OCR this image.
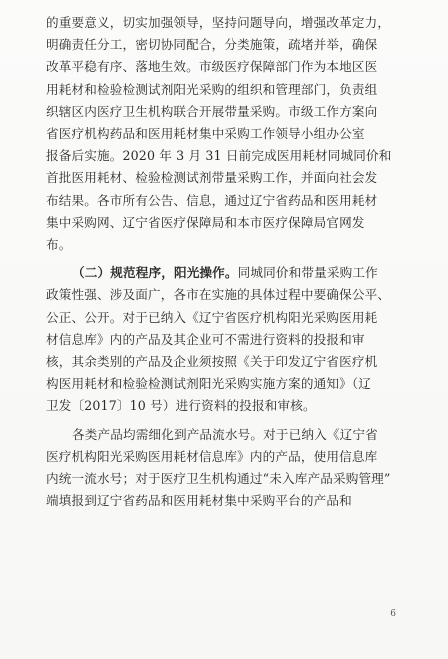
的重要意义，切实加强领导，坚持问题导向，增强改革定力，
明确责任分工，密切协同配合，分类施策，疏堵并举，确保
改革平稳有序、落地生效。市级医疗保障部门作为本地区医
用耗材和检验检测试剂阳光采购的组织和管理部门，负责组
织辖区内医疗卫生机构联合开展带量采购。市级工作方案向
省医疗机构药品和医用耗材集中采购工作领导小组办公室
报备后实施。2020 年 3 月 31 日前完成医用耗材同城同价和
首批医用耗材、检验检测试剂带量采购工作，并面向社会发
布结果。各市所有公告、信息，通过辽宁省药品和医用耗材
集中采购网、辽宁省医疗保障局和本市医疗保障局官网发
布。
（二）规范程序，阳光操作。同城同价和带量采购工作
政策性强、涉及面广，各市在实施的具体过程中要确保公平、
公正、公开。对于已纳入《辽宁省医疗机构阳光采购医用耗
材信息库》内的产品及其企业可不需进行资料的投报和审
核，其余类别的产品及企业须按照《关于印发辽宁省医疗机
构医用耗材和检验检测试剂阳光采购实施方案的通知》（辽
卫发〔2017〕10 号）进行资料的投报和审核。
各类产品均需细化到产品流水号。对于已纳入《辽宁省
医疗机构阳光采购医用耗材信息库》内的产品，使用信息库
内统一流水号；对于医疗卫生机构通过“未入库产品采购管理”
端填报到辽宁省药品和医用耗材集中采购平台的产品和
6
